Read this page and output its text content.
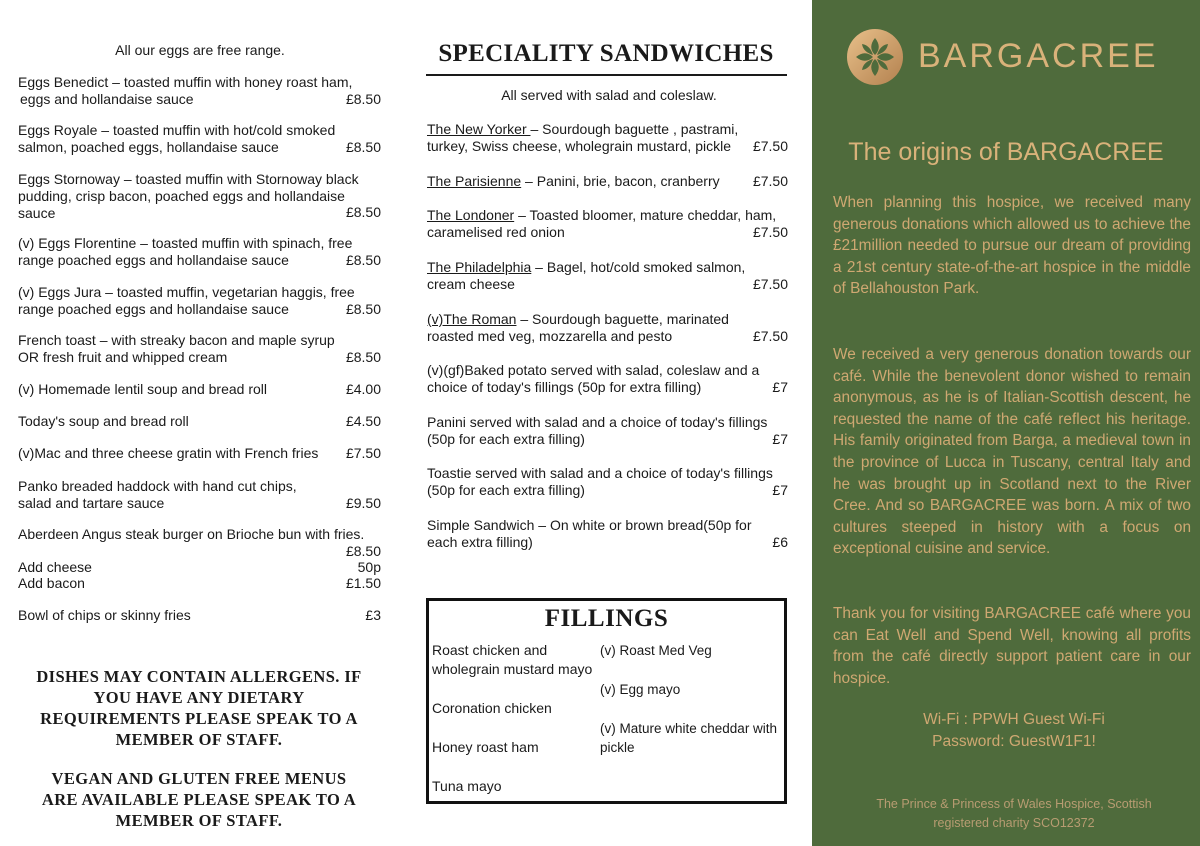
All our eggs are free range.
Eggs Benedict – toasted muffin with honey roast ham,
eggs and hollandaise sauce	£8.50
Eggs Royale – toasted muffin with hot/cold smoked
salmon, poached eggs, hollandaise sauce	£8.50
Eggs Stornoway – toasted muffin with Stornoway black
pudding, crisp bacon, poached eggs and hollandaise
sauce	£8.50
(v) Eggs Florentine – toasted muffin with spinach, free
range poached eggs and hollandaise sauce	£8.50
(v) Eggs Jura – toasted muffin, vegetarian haggis, free
range poached eggs and hollandaise sauce	£8.50
French toast – with streaky bacon and maple syrup
OR fresh fruit and whipped cream	£8.50
(v) Homemade lentil soup and bread roll	£4.00
Today's soup and bread roll	£4.50
(v)Mac and three cheese gratin with French fries	£7.50
Panko breaded haddock with hand cut chips,
salad and tartare sauce	£9.50
Aberdeen Angus steak burger on Brioche bun with fries.
£8.50
Add cheese	50p
Add bacon	£1.50
Bowl of chips or skinny fries	£3
DISHES MAY CONTAIN ALLERGENS. IF
YOU HAVE ANY DIETARY
REQUIREMENTS PLEASE SPEAK TO A
MEMBER OF STAFF.
VEGAN AND GLUTEN FREE MENUS
ARE AVAILABLE PLEASE SPEAK TO A
MEMBER OF STAFF.
SPECIALITY SANDWICHES
All served with salad and coleslaw.
The New Yorker – Sourdough baguette , pastrami,
turkey, Swiss cheese, wholegrain mustard, pickle	£7.50
The Parisienne – Panini, brie, bacon, cranberry	£7.50
The Londoner – Toasted bloomer, mature cheddar, ham,
caramelised red onion	£7.50
The Philadelphia – Bagel, hot/cold smoked salmon,
cream cheese	£7.50
(v)The Roman – Sourdough baguette, marinated
roasted med veg, mozzarella and pesto	£7.50
(v)(gf)Baked potato served with salad, coleslaw and a
choice of today's fillings (50p for extra filling)	£7
Panini served with salad and a choice of today's fillings
(50p for each extra filling)	£7
Toastie served with salad and a choice of today's fillings
(50p for each extra filling)	£7
Simple Sandwich – On white or brown bread(50p for
each extra filling)	£6
FILLINGS
Roast chicken and
wholegrain mustard mayo
Coronation chicken
Honey roast ham
Tuna mayo
(v) Roast Med Veg
(v) Egg mayo
(v) Mature white cheddar with
pickle
BARGACREE
The origins of BARGACREE

When planning this hospice, we received many generous donations which allowed us to achieve the £21million needed to pursue our dream of providing a 21st century state-of-the-art hospice in the middle of Bellahouston Park.

We received a very generous donation towards our café. While the benevolent donor wished to remain anonymous, as he is of Italian-Scottish descent, he requested the name of the café reflect his heritage. His family originated from Barga, a medieval town in the province of Lucca in Tuscany, central Italy and he was brought up in Scotland next to the River Cree. And so BARGACREE was born. A mix of two cultures steeped in history with a focus on exceptional cuisine and service.

Thank you for visiting BARGACREE café where you can Eat Well and Spend Well, knowing all profits from the café directly support patient care in our hospice.

Wi-Fi : PPWH Guest Wi-Fi
Password: GuestW1F1!
The Prince & Princess of Wales Hospice, Scottish
registered charity SCO12372
